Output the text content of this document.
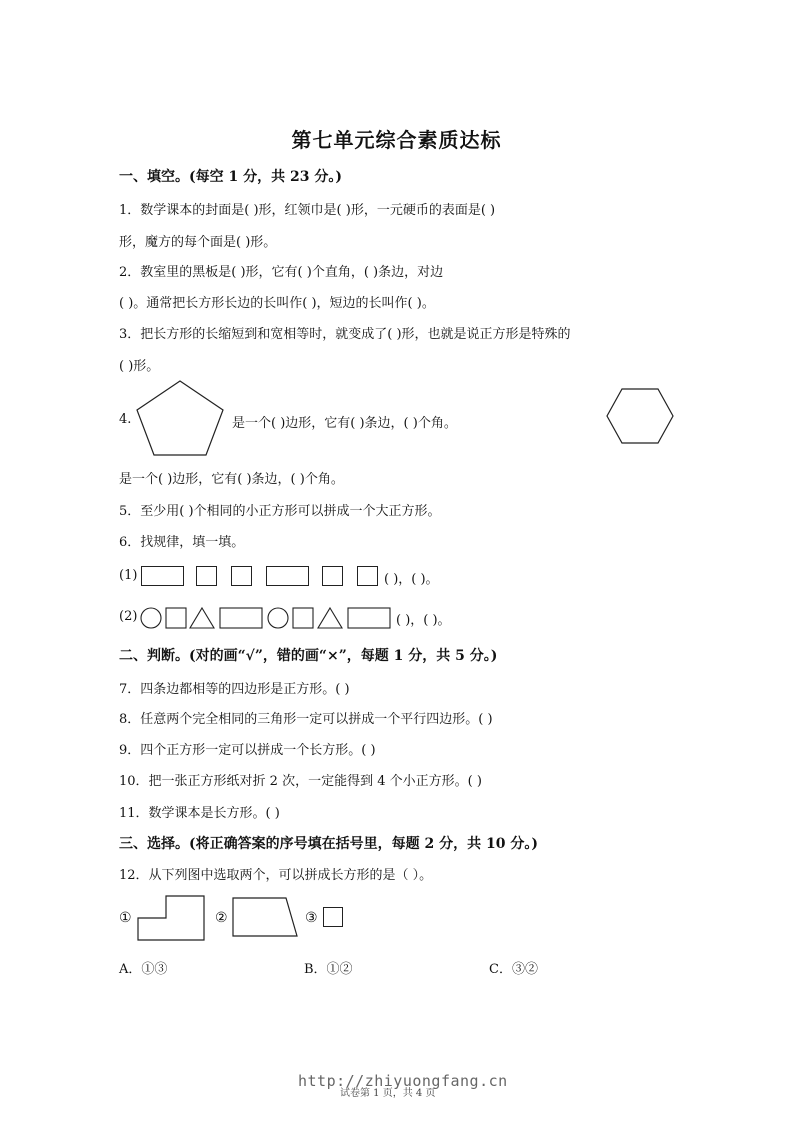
第七单元综合素质达标
一、填空。(每空 1 分，共 23 分。)
1．数学课本的封面是( )形，红领巾是( )形，一元硬币的表面是( )
形，魔方的每个面是( )形。
2．教室里的黑板是( )形，它有( )个直角，( )条边，对边
( )。通常把长方形长边的长叫作( )，短边的长叫作( )。
3．把长方形的长缩短到和宽相等时，就变成了( )形，也就是说正方形是特殊的
( )形。
4.	是一个( )边形，它有( )条边，( )个角。
是一个( )边形，它有( )条边，( )个角。
5．至少用( )个相同的小正方形可以拼成一个大正方形。
6．找规律，填一填。
(1)	( )，( )。
(2)	( )，( )。
二、判断。(对的画“√”，错的画“×”，每题 1 分，共 5 分。)
7．四条边都相等的四边形是正方形。( )
8．任意两个完全相同的三角形一定可以拼成一个平行四边形。( )
9．四个正方形一定可以拼成一个长方形。( )
10．把一张正方形纸对折 2 次，一定能得到 4 个小正方形。( )
11．数学课本是长方形。( )
三、选择。(将正确答案的序号填在括号里，每题 2 分，共 10 分。)
12．从下列图中选取两个，可以拼成长方形的是（ ）。
①	②	③
A．①③	B．①②	C．③②
http://zhiyuongfang.cn
试卷第 1 页，共 4 页
